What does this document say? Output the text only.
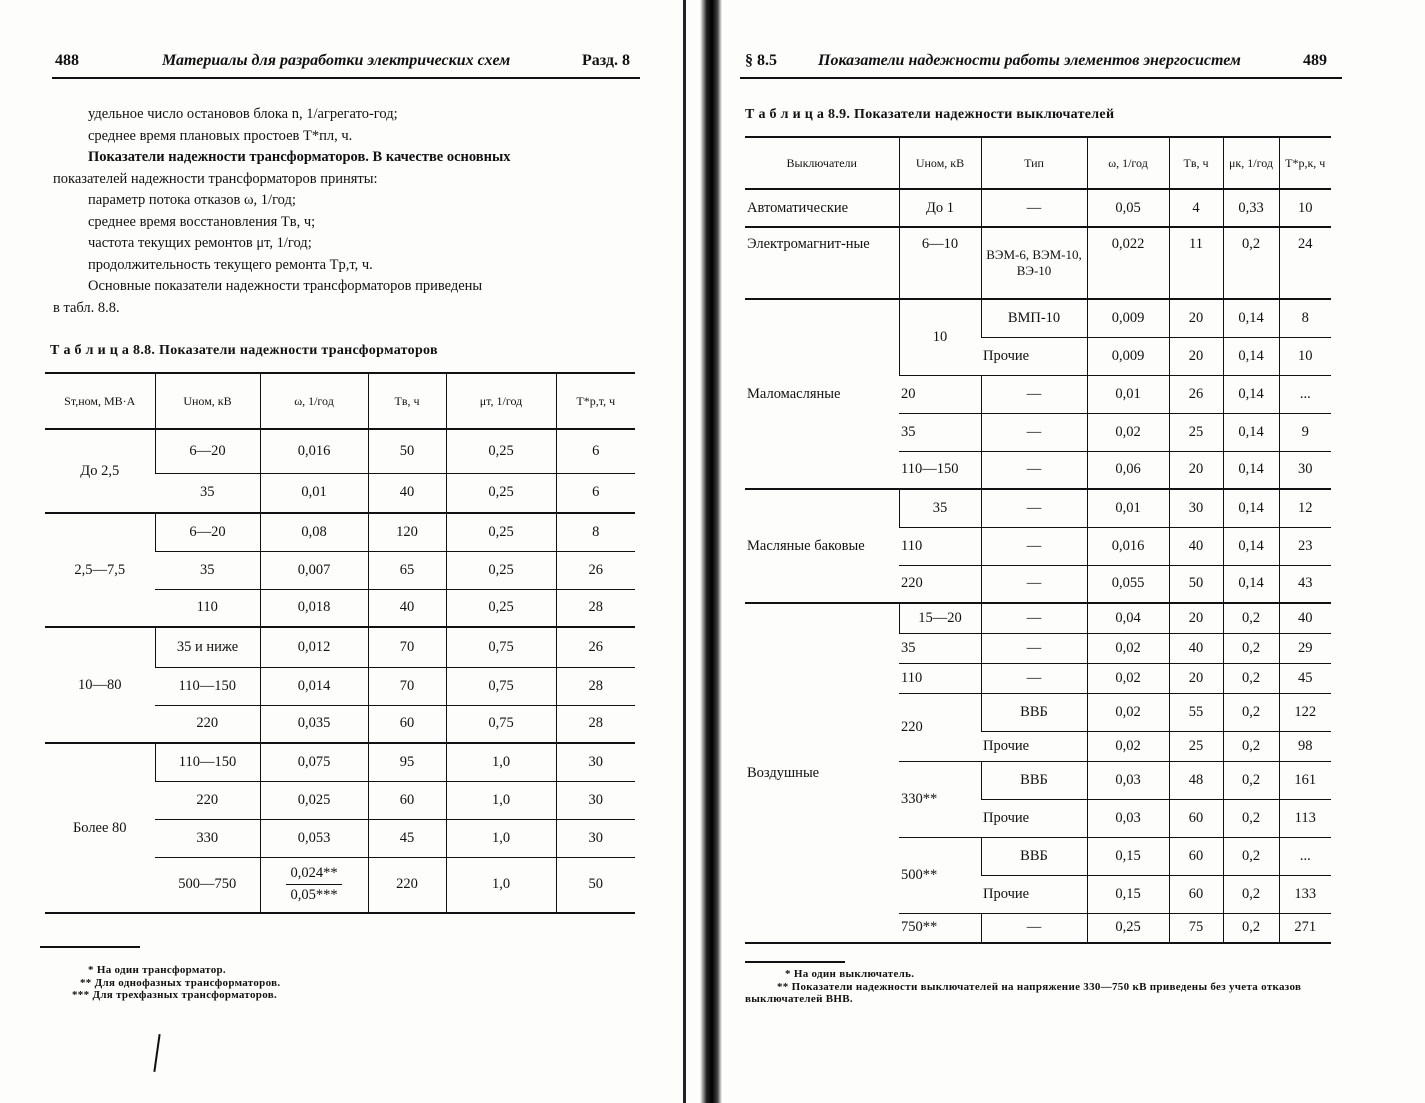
488	Материалы для разработки электрических схем	Разд. 8
удельное число остановов блока n, 1/агрегато-год;
среднее время плановых простоев T*пл, ч.
Показатели надежности трансформаторов. В качестве основных
показателей надежности трансформаторов приняты:
параметр потока отказов ω, 1/год;
среднее время восстановления Tв, ч;
частота текущих ремонтов μт, 1/год;
продолжительность текущего ремонта Tр,т, ч.
Основные показатели надежности трансформаторов приведены
в табл. 8.8.
Т а б л и ц а 8.8. Показатели надежности трансформаторов
Sт,ном, MB·A	Uном, кВ	ω, 1/год	Tв, ч	μт, 1/год	T*р,т, ч
До 2,5	6—20	0,016	50	0,25	6
	35	0,01	40	0,25	6
2,5—7,5	6—20	0,08	120	0,25	8
	35	0,007	65	0,25	26
	110	0,018	40	0,25	28
10—80	35 и ниже	0,012	70	0,75	26
	110—150	0,014	70	0,75	28
	220	0,035	60	0,75	28
Более 80	110—150	0,075	95	1,0	30
	220	0,025	60	1,0	30
	330	0,053	45	1,0	30
	500—750	$\frac{0,024**}{0,05***}$	220	1,0	50
* На один трансформатор.
** Для однофазных трансформаторов.
*** Для трехфазных трансформаторов.
§ 8.5	Показатели надежности работы элементов энергосистем	489
Т а б л и ц а 8.9. Показатели надежности выключателей
Выключатели	Uном, кВ	Тип	ω, 1/год	Tв, ч	μк, 1/год	T*р,к, ч
Автоматические	До 1	—	0,05	4	0,33	10
Электромагнит-ные	6—10	ВЭМ-6, ВЭМ-10, ВЭ-10	0,022	11	0,2	24
Маломасляные	10	ВМП-10	0,009	20	0,14	8
		Прочие	0,009	20	0,14	10
	20	—	0,01	26	0,14	...
	35	—	0,02	25	0,14	9
	110—150	—	0,06	20	0,14	30
Масляные баковые	35	—	0,01	30	0,14	12
	110	—	0,016	40	0,14	23
	220	—	0,055	50	0,14	43
Воздушные	15—20	—	0,04	20	0,2	40
	35	—	0,02	40	0,2	29
	110	—	0,02	20	0,2	45
	220	ВВБ	0,02	55	0,2	122
		Прочие	0,02	25	0,2	98
	330**	ВВБ	0,03	48	0,2	161
		Прочие	0,03	60	0,2	113
	500**	ВВБ	0,15	60	0,2	...
		Прочие	0,15	60	0,2	133
	750**	—	0,25	75	0,2	271
* На один выключатель.
** Показатели надежности выключателей на напряжение 330—750 кВ приведены без учета отказов выключателей ВНВ.
